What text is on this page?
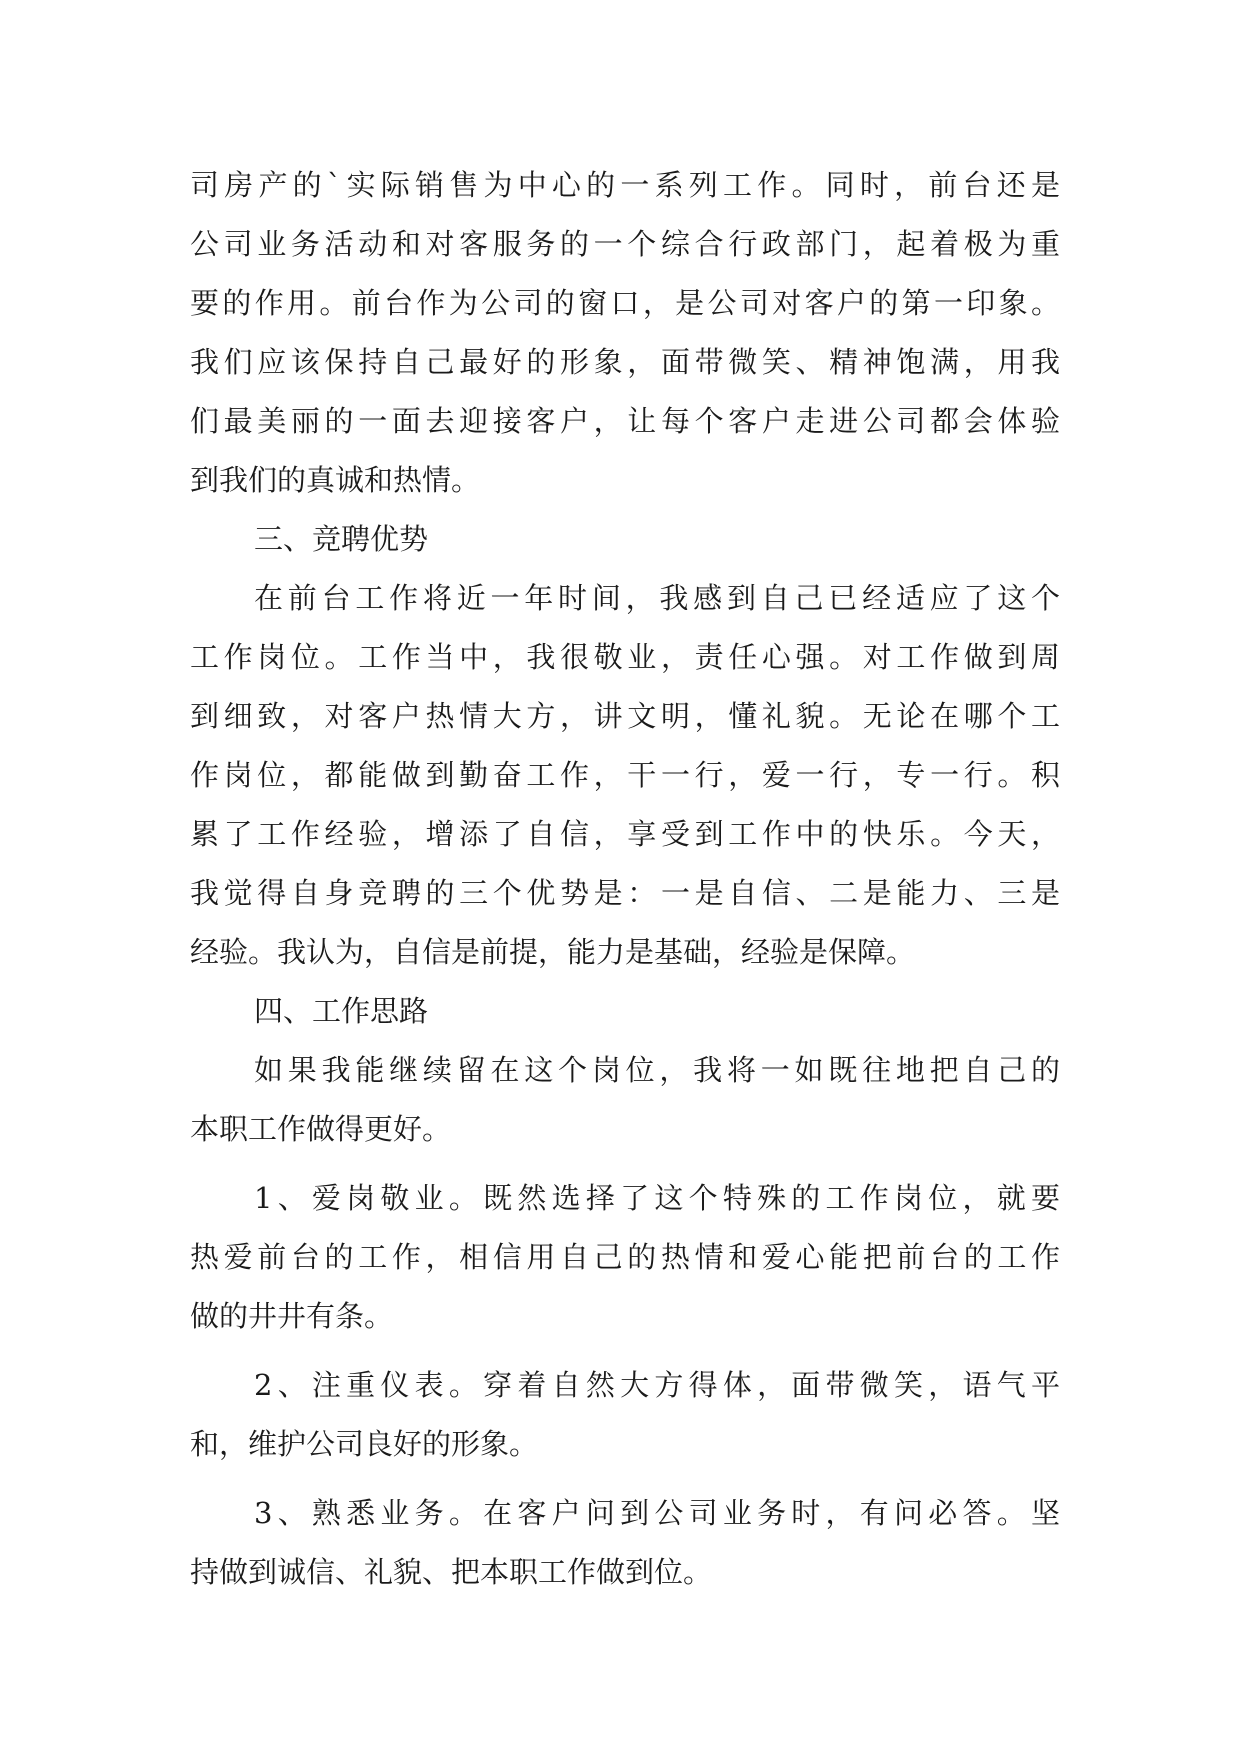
司房产的`实际销售为中心的一系列工作。同时，前台还是
公司业务活动和对客服务的一个综合行政部门，起着极为重
要的作用。前台作为公司的窗口，是公司对客户的第一印象。
我们应该保持自己最好的形象，面带微笑、精神饱满，用我
们最美丽的一面去迎接客户，让每个客户走进公司都会体验
到我们的真诚和热情。
三、竞聘优势
在前台工作将近一年时间，我感到自己已经适应了这个
工作岗位。工作当中，我很敬业，责任心强。对工作做到周
到细致，对客户热情大方，讲文明，懂礼貌。无论在哪个工
作岗位，都能做到勤奋工作，干一行，爱一行，专一行。积
累了工作经验，增添了自信，享受到工作中的快乐。今天，
我觉得自身竞聘的三个优势是：一是自信、二是能力、三是
经验。我认为，自信是前提，能力是基础，经验是保障。
四、工作思路
如果我能继续留在这个岗位，我将一如既往地把自己的
本职工作做得更好。
1、爱岗敬业。既然选择了这个特殊的工作岗位，就要
热爱前台的工作，相信用自己的热情和爱心能把前台的工作
做的井井有条。
2、注重仪表。穿着自然大方得体，面带微笑，语气平
和，维护公司良好的形象。
3、熟悉业务。在客户问到公司业务时，有问必答。坚
持做到诚信、礼貌、把本职工作做到位。
